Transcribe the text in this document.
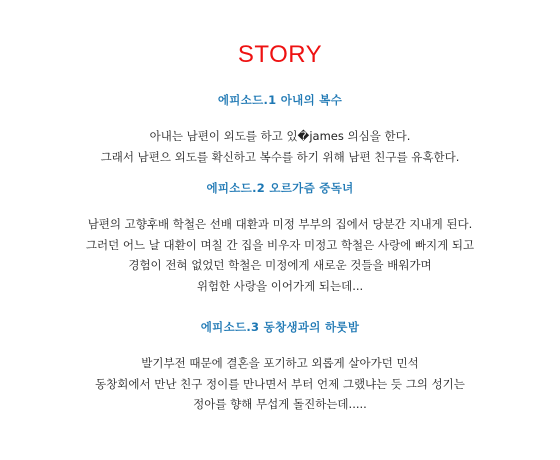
STORY
에피소드.1 아내의 복수
아내는 남편이 외도를 하고 있�james 의심을 한다.
그래서 남편으 외도를 확신하고 복수를 하기 위해 남편 친구를 유혹한다.
에피소드.2 오르가즘 중독녀
남편의 고향후배 학철은 선배 대환과 미정 부부의 집에서 당분간 지내게 된다.
그러던 어느 날 대환이 며칠 간 집을 비우자 미정고 학철은 사랑에 빠지게 되고
경험이 전혀 없었던 학철은 미정에게 새로운 것들을 배워가며
위험한 사랑을 이어가게 되는데...
에피소드.3 동창생과의 하룻밤
발기부전 때문에 결혼을 포기하고 외롭게 살아가던 민석
동창회에서 만난 친구 정이를 만나면서 부터 언제 그랬냐는 듯 그의 성기는
정아를 향해 무섭게 돌진하는데.....
